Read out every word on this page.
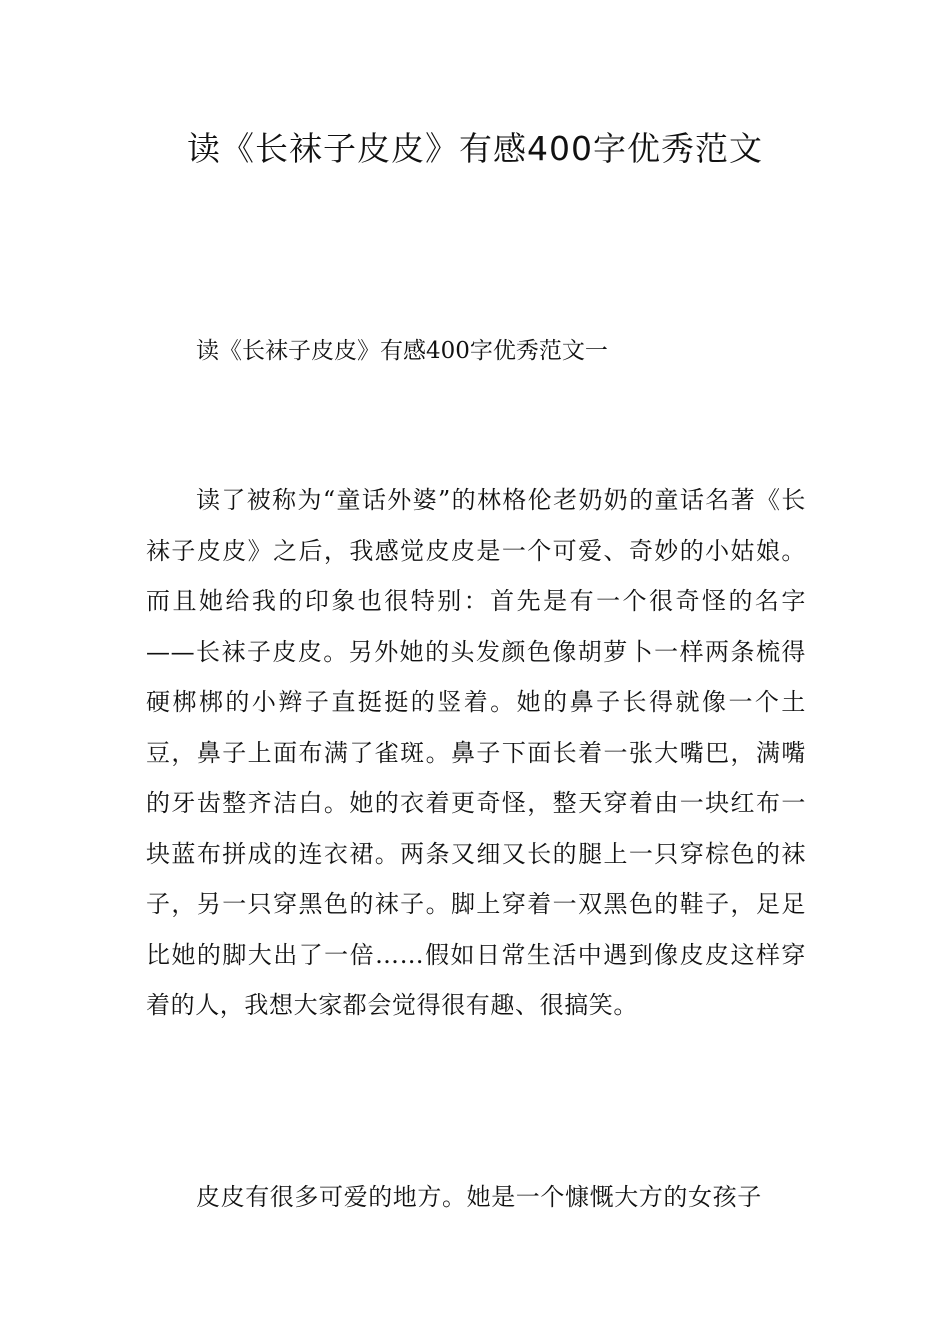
读《长袜子皮皮》有感400字优秀范文

读《长袜子皮皮》有感400字优秀范文一

读了被称为“童话外婆”的林格伦老奶奶的童话名著《长袜子皮皮》之后，我感觉皮皮是一个可爱、奇妙的小姑娘。而且她给我的印象也很特别：首先是有一个很奇怪的名字——长袜子皮皮。另外她的头发颜色像胡萝卜一样两条梳得硬梆梆的小辫子直挺挺的竖着。她的鼻子长得就像一个土豆，鼻子上面布满了雀斑。鼻子下面长着一张大嘴巴，满嘴的牙齿整齐洁白。她的衣着更奇怪，整天穿着由一块红布一块蓝布拼成的连衣裙。两条又细又长的腿上一只穿棕色的袜子，另一只穿黑色的袜子。脚上穿着一双黑色的鞋子，足足比她的脚大出了一倍……假如日常生活中遇到像皮皮这样穿着的人，我想大家都会觉得很有趣、很搞笑。

皮皮有很多可爱的地方。她是一个慷慨大方的女孩子
